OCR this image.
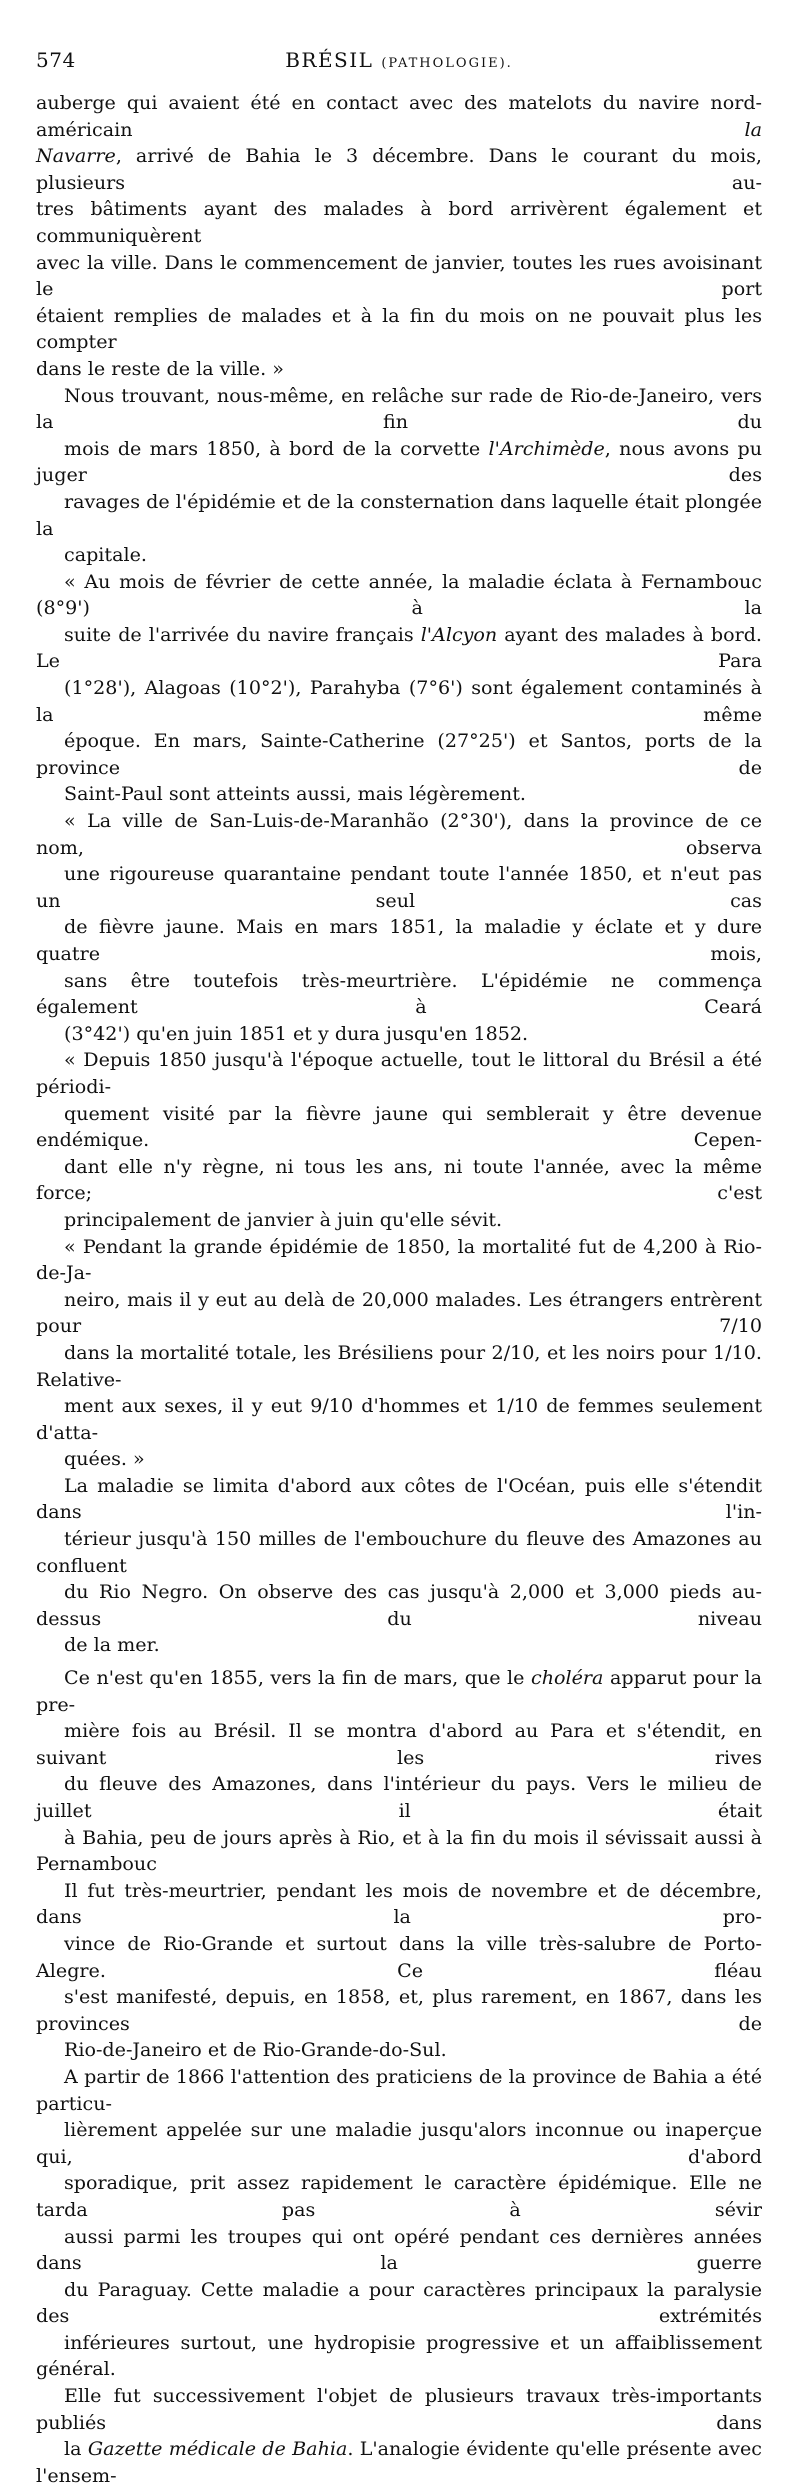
574	BRÉSIL (PATHOLOGIE).

auberge qui avaient été en contact avec des matelots du navire nord-américain la
Navarre, arrivé de Bahia le 3 décembre. Dans le courant du mois, plusieurs au-
tres bâtiments ayant des malades à bord arrivèrent également et communiquèrent
avec la ville. Dans le commencement de janvier, toutes les rues avoisinant le port
étaient remplies de malades et à la fin du mois on ne pouvait plus les compter
dans le reste de la ville. »

Nous trouvant, nous-même, en relâche sur rade de Rio-de-Janeiro, vers la fin du
mois de mars 1850, à bord de la corvette l'Archimède, nous avons pu juger des
ravages de l'épidémie et de la consternation dans laquelle était plongée la
capitale.

« Au mois de février de cette année, la maladie éclata à Fernambouc (8°9') à la
suite de l'arrivée du navire français l'Alcyon ayant des malades à bord. Le Para
(1°28'), Alagoas (10°2'), Parahyba (7°6') sont également contaminés à la même
époque. En mars, Sainte-Catherine (27°25') et Santos, ports de la province de
Saint-Paul sont atteints aussi, mais légèrement.

« La ville de San-Luis-de-Maranhão (2°30'), dans la province de ce nom, observa
une rigoureuse quarantaine pendant toute l'année 1850, et n'eut pas un seul cas
de fièvre jaune. Mais en mars 1851, la maladie y éclate et y dure quatre mois,
sans être toutefois très-meurtrière. L'épidémie ne commença également à Ceará
(3°42') qu'en juin 1851 et y dura jusqu'en 1852.

« Depuis 1850 jusqu'à l'époque actuelle, tout le littoral du Brésil a été périodi-
quement visité par la fièvre jaune qui semblerait y être devenue endémique. Cepen-
dant elle n'y règne, ni tous les ans, ni toute l'année, avec la même force; c'est
principalement de janvier à juin qu'elle sévit.

« Pendant la grande épidémie de 1850, la mortalité fut de 4,200 à Rio-de-Ja-
neiro, mais il y eut au delà de 20,000 malades. Les étrangers entrèrent pour 7/10
dans la mortalité totale, les Brésiliens pour 2/10, et les noirs pour 1/10. Relative-
ment aux sexes, il y eut 9/10 d'hommes et 1/10 de femmes seulement d'atta-
quées. »

La maladie se limita d'abord aux côtes de l'Océan, puis elle s'étendit dans l'in-
térieur jusqu'à 150 milles de l'embouchure du fleuve des Amazones au confluent
du Rio Negro. On observe des cas jusqu'à 2,000 et 3,000 pieds au-dessus du niveau
de la mer.

Ce n'est qu'en 1855, vers la fin de mars, que le choléra apparut pour la pre-
mière fois au Brésil. Il se montra d'abord au Para et s'étendit, en suivant les rives
du fleuve des Amazones, dans l'intérieur du pays. Vers le milieu de juillet il était
à Bahia, peu de jours après à Rio, et à la fin du mois il sévissait aussi à Pernambouc
Il fut très-meurtrier, pendant les mois de novembre et de décembre, dans la pro-
vince de Rio-Grande et surtout dans la ville très-salubre de Porto-Alegre. Ce fléau
s'est manifesté, depuis, en 1858, et, plus rarement, en 1867, dans les provinces de
Rio-de-Janeiro et de Rio-Grande-do-Sul.

A partir de 1866 l'attention des praticiens de la province de Bahia a été particu-
lièrement appelée sur une maladie jusqu'alors inconnue ou inaperçue qui, d'abord
sporadique, prit assez rapidement le caractère épidémique. Elle ne tarda pas à sévir
aussi parmi les troupes qui ont opéré pendant ces dernières années dans la guerre
du Paraguay. Cette maladie a pour caractères principaux la paralysie des extrémités
inférieures surtout, une hydropisie progressive et un affaiblissement général.
Elle fut successivement l'objet de plusieurs travaux très-importants publiés dans
la Gazette médicale de Bahia. L'analogie évidente qu'elle présente avec l'ensem-
